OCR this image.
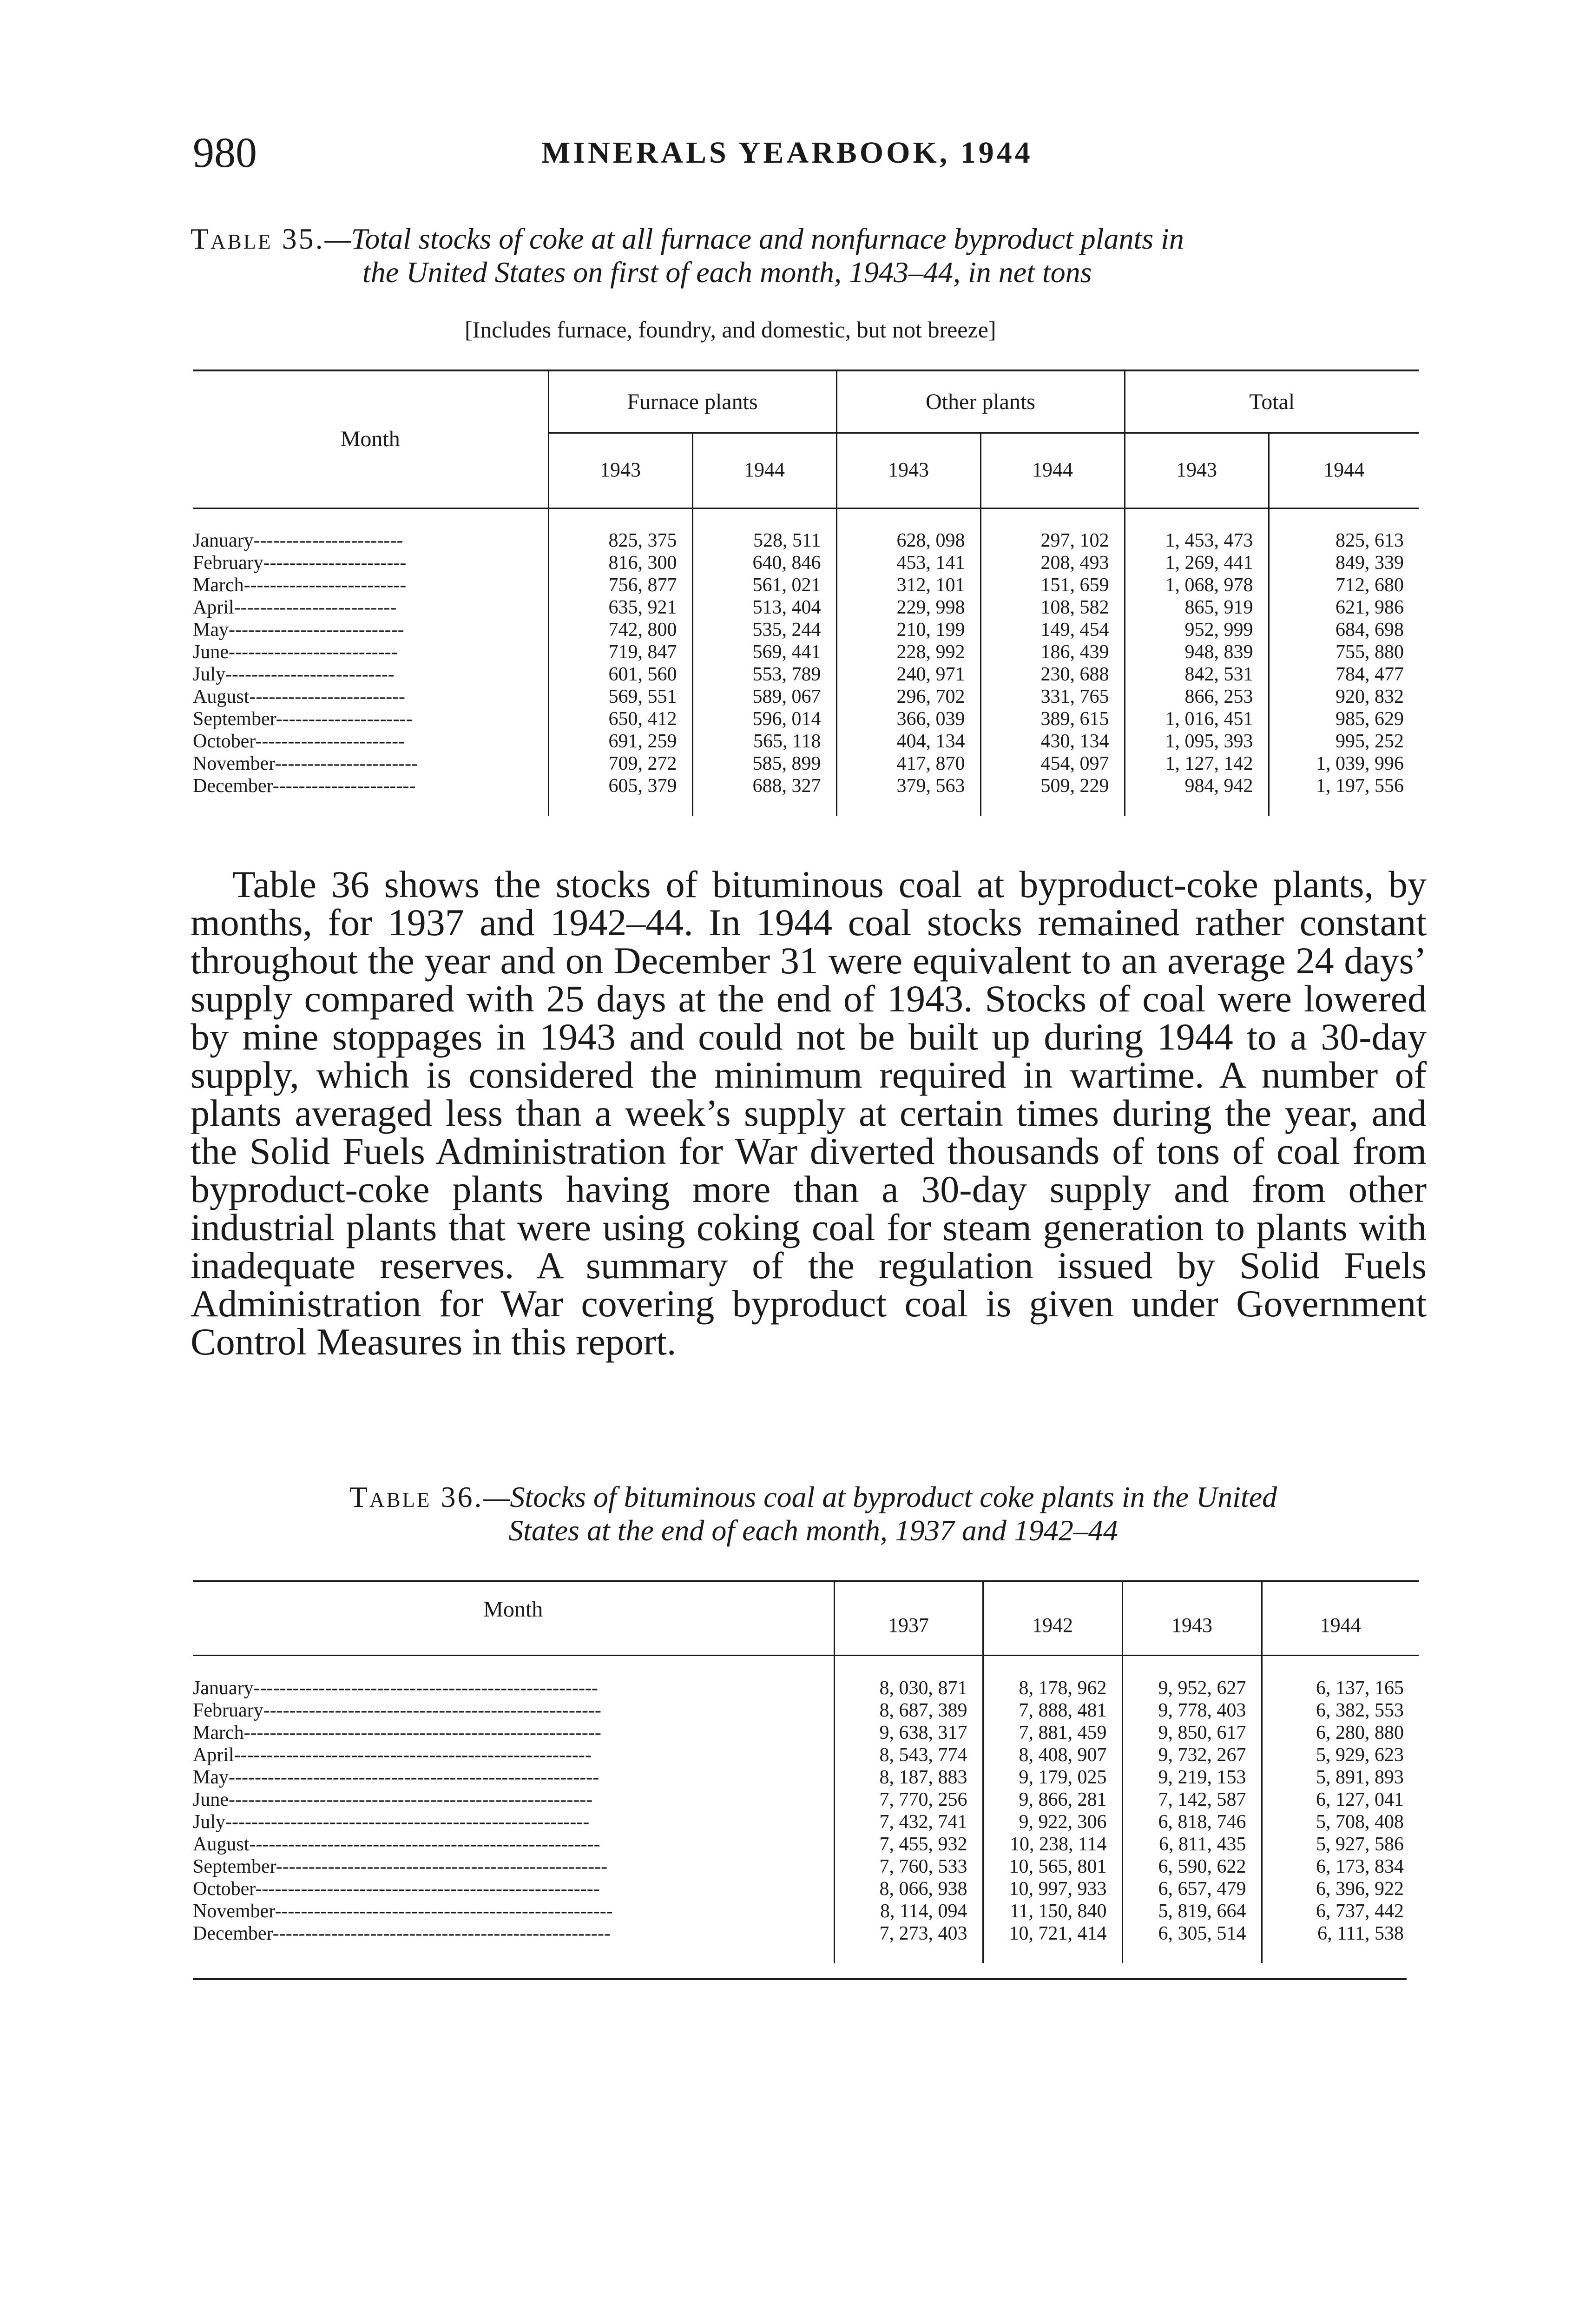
980	MINERALS YEARBOOK, 1944
Table 35.—Total stocks of coke at all furnace and nonfurnace byproduct plants in
the United States on first of each month, 1943–44, in net tons
[Includes furnace, foundry, and domestic, but not breeze]
Month	Furnace plants		Other plants		Total	
	1943	1944	1943	1944	1943	1944

January-----------------------	825, 375	528, 511	628, 098	297, 102	1, 453, 473	825, 613
February----------------------	816, 300	640, 846	453, 141	208, 493	1, 269, 441	849, 339
March-------------------------	756, 877	561, 021	312, 101	151, 659	1, 068, 978	712, 680
April-------------------------	635, 921	513, 404	229, 998	108, 582	865, 919	621, 986
May---------------------------	742, 800	535, 244	210, 199	149, 454	952, 999	684, 698
June--------------------------	719, 847	569, 441	228, 992	186, 439	948, 839	755, 880
July--------------------------	601, 560	553, 789	240, 971	230, 688	842, 531	784, 477
August------------------------	569, 551	589, 067	296, 702	331, 765	866, 253	920, 832
September---------------------	650, 412	596, 014	366, 039	389, 615	1, 016, 451	985, 629
October-----------------------	691, 259	565, 118	404, 134	430, 134	1, 095, 393	995, 252
November----------------------	709, 272	585, 899	417, 870	454, 097	1, 127, 142	1, 039, 996
December----------------------	605, 379	688, 327	379, 563	509, 229	984, 942	1, 197, 556

Table 36 shows the stocks of bituminous coal at byproduct-coke plants, by months, for 1937 and 1942–44. In 1944 coal stocks remained rather constant throughout the year and on December 31 were equivalent to an average 24 days’ supply compared with 25 days at the end of 1943. Stocks of coal were lowered by mine stoppages in 1943 and could not be built up during 1944 to a 30-day supply, which is considered the minimum required in wartime. A number of plants averaged less than a week’s supply at certain times during the year, and the Solid Fuels Administration for War diverted thousands of tons of coal from byproduct-coke plants having more than a 30-day supply and from other industrial plants that were using coking coal for steam generation to plants with inadequate reserves. A summary of the regulation issued by Solid Fuels Administration for War covering byproduct coal is given under Government Control Measures in this report.
Table 36.—Stocks of bituminous coal at byproduct coke plants in the United
States at the end of each month, 1937 and 1942–44
Month	1937	1942	1943	1944

January-----------------------------------------------------	8, 030, 871	8, 178, 962	9, 952, 627	6, 137, 165
February----------------------------------------------------	8, 687, 389	7, 888, 481	9, 778, 403	6, 382, 553
March-------------------------------------------------------	9, 638, 317	7, 881, 459	9, 850, 617	6, 280, 880
April-------------------------------------------------------	8, 543, 774	8, 408, 907	9, 732, 267	5, 929, 623
May---------------------------------------------------------	8, 187, 883	9, 179, 025	9, 219, 153	5, 891, 893
June--------------------------------------------------------	7, 770, 256	9, 866, 281	7, 142, 587	6, 127, 041
July--------------------------------------------------------	7, 432, 741	9, 922, 306	6, 818, 746	5, 708, 408
August------------------------------------------------------	7, 455, 932	10, 238, 114	6, 811, 435	5, 927, 586
September---------------------------------------------------	7, 760, 533	10, 565, 801	6, 590, 622	6, 173, 834
October-----------------------------------------------------	8, 066, 938	10, 997, 933	6, 657, 479	6, 396, 922
November----------------------------------------------------	8, 114, 094	11, 150, 840	5, 819, 664	6, 737, 442
December----------------------------------------------------	7, 273, 403	10, 721, 414	6, 305, 514	6, 111, 538
